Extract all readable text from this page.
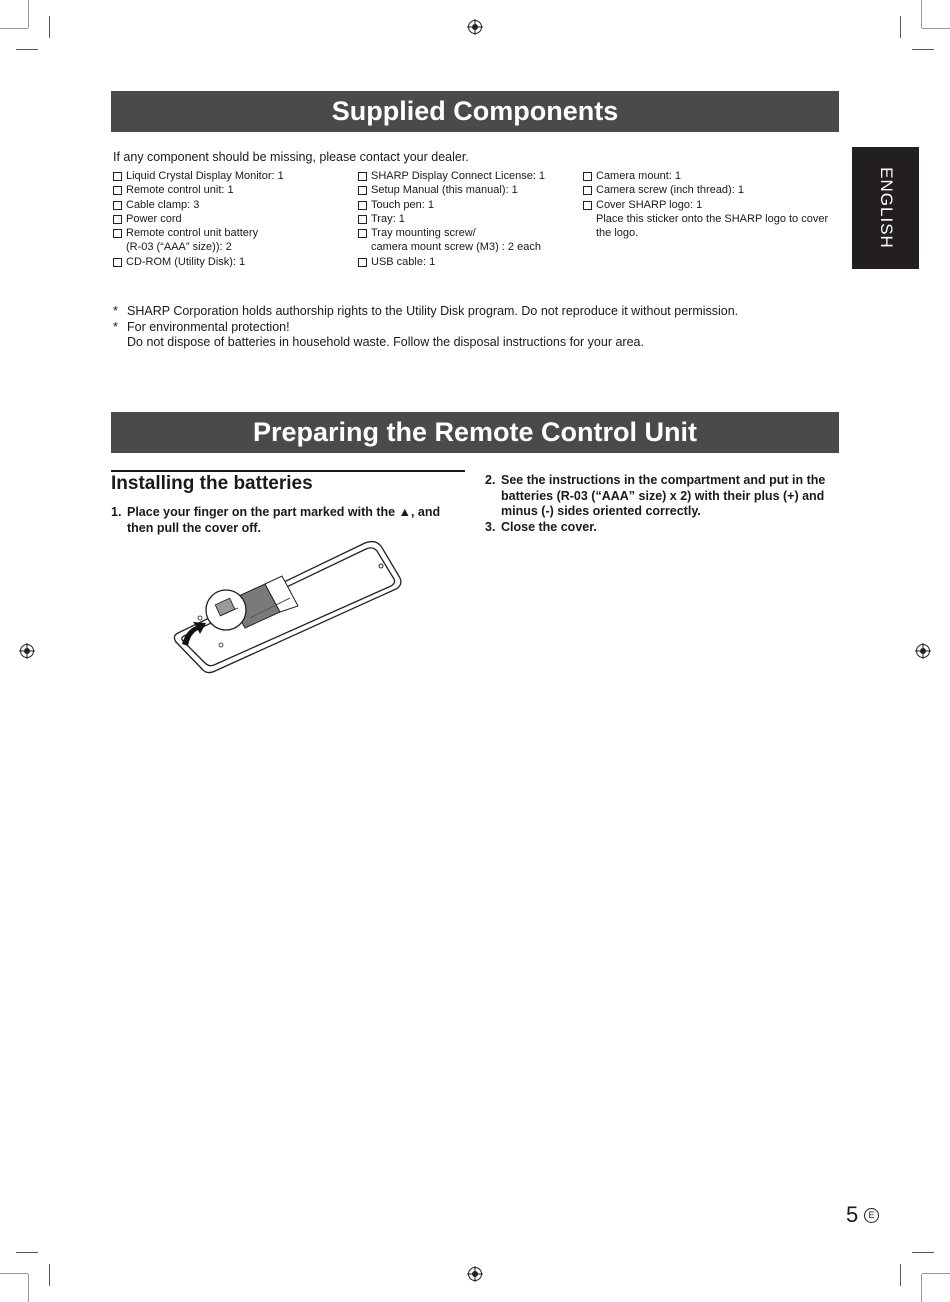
Supplied Components
If any component should be missing, please contact your dealer.
Liquid Crystal Display Monitor: 1
Remote control unit: 1
Cable clamp: 3
Power cord
Remote control unit battery
(R-03 (“AAA” size)): 2
CD-ROM (Utility Disk): 1
SHARP Display Connect License: 1
Setup Manual (this manual): 1
Touch pen: 1
Tray: 1
Tray mounting screw/
camera mount screw (M3) : 2 each
USB cable: 1
Camera mount: 1
Camera screw (inch thread): 1
Cover SHARP logo: 1
Place this sticker onto the SHARP logo to cover
the logo.	ENGLISH
* SHARP Corporation holds authorship rights to the Utility Disk program. Do not reproduce it without permission.
* For environmental protection!
Do not dispose of batteries in household waste. Follow the disposal instructions for your area.
Preparing the Remote Control Unit
Installing the batteries
1. Place your finger on the part marked with the ▲, and
then pull the cover off.
2. See the instructions in the compartment and put in the
batteries (R-03 (“AAA” size) x 2) with their plus (+) and
minus (-) sides oriented correctly.
3. Close the cover.
5	E
